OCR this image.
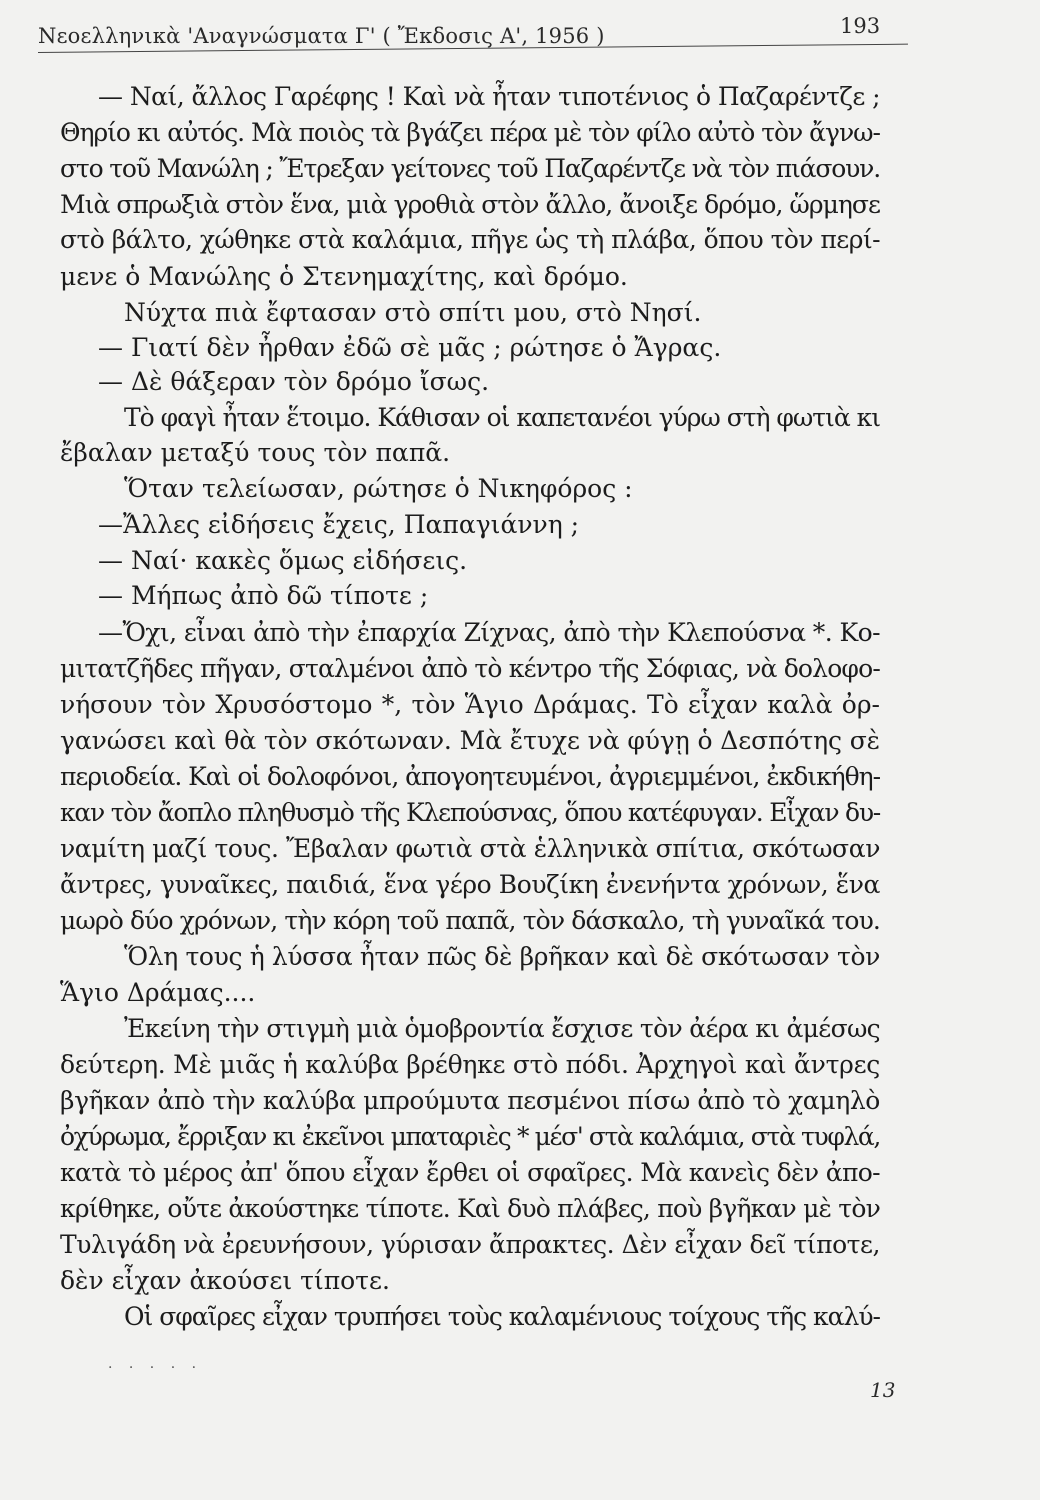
Νεοελληνικὰ 'Αναγνώσματα Γ' ( Ἔκδοσις Α', 1956 )	193
— Ναί, ἄλλος Γαρέφης ! Καὶ νὰ ἦταν τιποτένιος ὁ Παζαρέντζε ;
Θηρίο κι αὐτός. Μὰ ποιὸς τὰ βγάζει πέρα μὲ τὸν φίλο αὐτὸ τὸν ἄγνω-
στο τοῦ Μανώλη ; Ἔτρεξαν γείτονες τοῦ Παζαρέντζε νὰ τὸν πιάσουν.
Μιὰ σπρωξιὰ στὸν ἕνα, μιὰ γροθιὰ στὸν ἄλλο, ἄνοιξε δρόμο, ὥρμησε
στὸ βάλτο, χώθηκε στὰ καλάμια, πῆγε ὡς τὴ πλάβα, ὅπου τὸν περί-
μενε ὁ Μανώλης ὁ Στενημαχίτης, καὶ δρόμο.
Νύχτα πιὰ ἔφτασαν στὸ σπίτι μου, στὸ Νησί.
— Γιατί δὲν ἦρθαν ἐδῶ σὲ μᾶς ; ρώτησε ὁ Ἄγρας.
— Δὲ θάξεραν τὸν δρόμο ἴσως.
Τὸ φαγὶ ἦταν ἕτοιμο. Κάθισαν οἱ καπετανέοι γύρω στὴ φωτιὰ κι
ἔβαλαν μεταξύ τους τὸν παπᾶ.
Ὅταν τελείωσαν, ρώτησε ὁ Νικηφόρος :
—Ἄλλες εἰδήσεις ἔχεις, Παπαγιάννη ;
— Ναί· κακὲς ὅμως εἰδήσεις.
— Μήπως ἀπὸ δῶ τίποτε ;
—Ὄχι, εἶναι ἀπὸ τὴν ἐπαρχία Ζίχνας, ἀπὸ τὴν Κλεπούσνα *. Κο-
μιτατζῆδες πῆγαν, σταλμένοι ἀπὸ τὸ κέντρο τῆς Σόφιας, νὰ δολοφο-
νήσουν τὸν Χρυσόστομο *, τὸν Ἅγιο Δράμας. Τὸ εἶχαν καλὰ ὀρ-
γανώσει καὶ θὰ τὸν σκότωναν. Μὰ ἔτυχε νὰ φύγῃ ὁ Δεσπότης σὲ
περιοδεία. Καὶ οἱ δολοφόνοι, ἀπογοητευμένοι, ἀγριεμμένοι, ἐκδικήθη-
καν τὸν ἄοπλο πληθυσμὸ τῆς Κλεπούσνας, ὅπου κατέφυγαν. Εἶχαν δυ-
ναμίτη μαζί τους. Ἔβαλαν φωτιὰ στὰ ἑλληνικὰ σπίτια, σκότωσαν
ἄντρες, γυναῖκες, παιδιά, ἕνα γέρο Βουζίκη ἐνενήντα χρόνων, ἕνα
μωρὸ δύο χρόνων, τὴν κόρη τοῦ παπᾶ, τὸν δάσκαλο, τὴ γυναῖκά του.
Ὅλη τους ἡ λύσσα ἦταν πῶς δὲ βρῆκαν καὶ δὲ σκότωσαν τὸν
Ἅγιο Δράμας....
Ἐκείνη τὴν στιγμὴ μιὰ ὁμοβροντία ἔσχισε τὸν ἀέρα κι ἀμέσως
δεύτερη. Μὲ μιᾶς ἡ καλύβα βρέθηκε στὸ πόδι. Ἀρχηγοὶ καὶ ἄντρες
βγῆκαν ἀπὸ τὴν καλύβα μπρούμυτα πεσμένοι πίσω ἀπὸ τὸ χαμηλὸ
ὀχύρωμα, ἔρριξαν κι ἐκεῖνοι μπαταριὲς * μέσ' στὰ καλάμια, στὰ τυφλά,
κατὰ τὸ μέρος ἀπ' ὅπου εἶχαν ἔρθει οἱ σφαῖρες. Μὰ κανεὶς δὲν ἀπο-
κρίθηκε, οὔτε ἀκούστηκε τίποτε. Καὶ δυὸ πλάβες, ποὺ βγῆκαν μὲ τὸν
Τυλιγάδη νὰ ἐρευνήσουν, γύρισαν ἄπρακτες. Δὲν εἶχαν δεῖ τίποτε,
δὲν εἶχαν ἀκούσει τίποτε.
Οἱ σφαῖρες εἶχαν τρυπήσει τοὺς καλαμένιους τοίχους τῆς καλύ-
· · · · ·
13
